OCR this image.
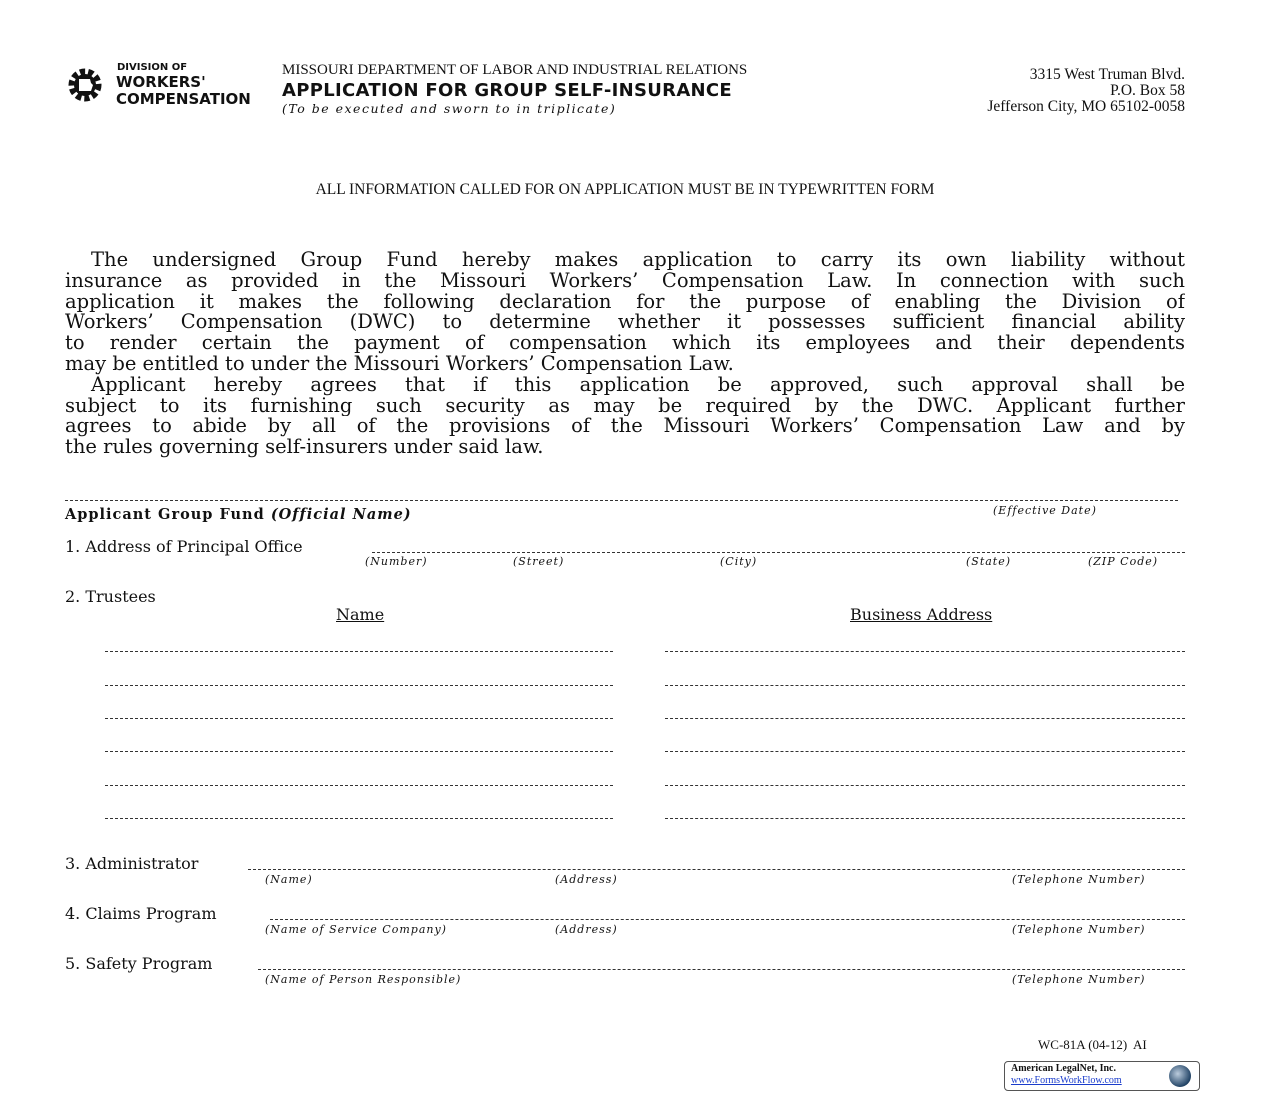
DIVISION OF
WORKERS'
COMPENSATION
MISSOURI DEPARTMENT OF LABOR AND INDUSTRIAL RELATIONS
APPLICATION FOR GROUP SELF-INSURANCE
(To be executed and sworn to in triplicate)
3315 West Truman Blvd.
P.O. Box 58
Jefferson City, MO 65102-0058
ALL INFORMATION CALLED FOR ON APPLICATION MUST BE IN TYPEWRITTEN FORM
The undersigned Group Fund hereby makes application to carry its own liability without
insurance as provided in the Missouri Workers’ Compensation Law. In connection with such
application it makes the following declaration for the purpose of enabling the Division of
Workers’ Compensation (DWC) to determine whether it possesses sufficient financial ability
to render certain the payment of compensation which its employees and their dependents
may be entitled to under the Missouri Workers’ Compensation Law.
Applicant hereby agrees that if this application be approved, such approval shall be
subject to its furnishing such security as may be required by the DWC. Applicant further
agrees to abide by all of the provisions of the Missouri Workers’ Compensation Law and by
the rules governing self-insurers under said law.
Applicant Group Fund (Official Name)	(Effective Date)
1. Address of Principal Office
(Number)	(Street)	(City)	(State)	(ZIP Code)
2. Trustees
Name	Business Address
3. Administrator
(Name)	(Address)	(Telephone Number)
4. Claims Program
(Name of Service Company)	(Address)	(Telephone Number)
5. Safety Program
(Name of Person Responsible)	(Telephone Number)
WC-81A (04-12)  AI
American LegalNet, Inc.
www.FormsWorkFlow.com
